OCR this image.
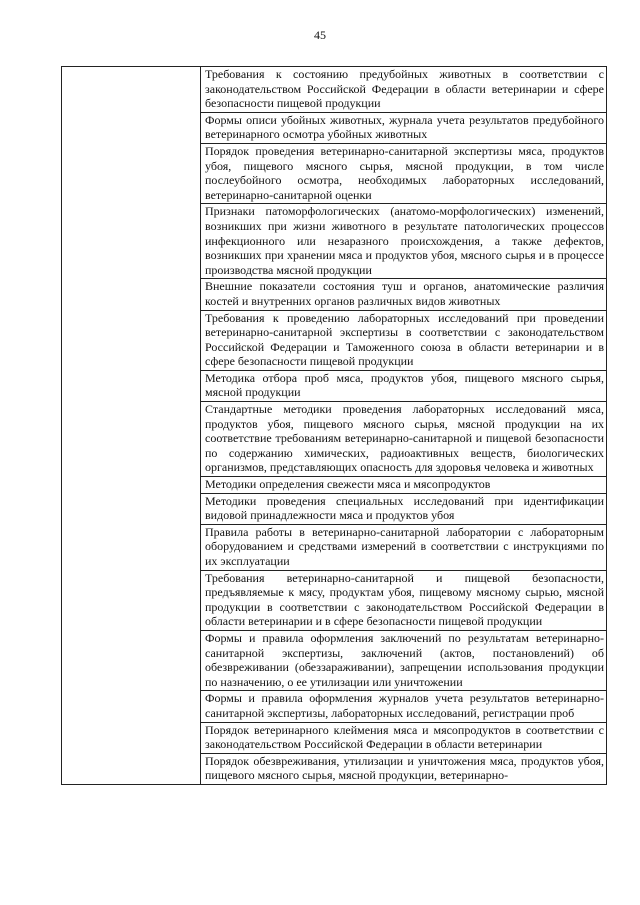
45

Требования к состоянию предубойных животных в соответствии с законодательством Российской Федерации в области ветеринарии и сфере безопасности пищевой продукции
Формы описи убойных животных, журнала учета результатов предубойного ветеринарного осмотра убойных животных
Порядок проведения ветеринарно-санитарной экспертизы мяса, продуктов убоя, пищевого мясного сырья, мясной продукции, в том числе послеубойного осмотра, необходимых лабораторных исследований, ветеринарно-санитарной оценки
Признаки патоморфологических (анатомо-морфологических) изменений, возникших при жизни животного в результате патологических процессов инфекционного или незаразного происхождения, а также дефектов, возникших при хранении мяса и продуктов убоя, мясного сырья и в процессе производства мясной продукции
Внешние показатели состояния туш и органов, анатомические различия костей и внутренних органов различных видов животных
Требования к проведению лабораторных исследований при проведении ветеринарно-санитарной экспертизы в соответствии с законодательством Российской Федерации и Таможенного союза в области ветеринарии и в сфере безопасности пищевой продукции
Методика отбора проб мяса, продуктов убоя, пищевого мясного сырья, мясной продукции
Стандартные методики проведения лабораторных исследований мяса, продуктов убоя, пищевого мясного сырья, мясной продукции на их соответствие требованиям ветеринарно-санитарной и пищевой безопасности по содержанию химических, радиоактивных веществ, биологических организмов, представляющих опасность для здоровья человека и животных
Методики определения свежести мяса и мясопродуктов
Методики проведения специальных исследований при идентификации видовой принадлежности мяса и продуктов убоя
Правила работы в ветеринарно-санитарной лаборатории с лабораторным оборудованием и средствами измерений в соответствии с инструкциями по их эксплуатации
Требования ветеринарно-санитарной и пищевой безопасности, предъявляемые к мясу, продуктам убоя, пищевому мясному сырью, мясной продукции в соответствии с законодательством Российской Федерации в области ветеринарии и в сфере безопасности пищевой продукции
Формы и правила оформления заключений по результатам ветеринарно-санитарной экспертизы, заключений (актов, постановлений) об обезвреживании (обеззараживании), запрещении использования продукции по назначению, о ее утилизации или уничтожении
Формы и правила оформления журналов учета результатов ветеринарно-санитарной экспертизы, лабораторных исследований, регистрации проб
Порядок ветеринарного клеймения мяса и мясопродуктов в соответствии с законодательством Российской Федерации в области ветеринарии
Порядок обезвреживания, утилизации и уничтожения мяса, продуктов убоя, пищевого мясного сырья, мясной продукции, ветеринарно-
